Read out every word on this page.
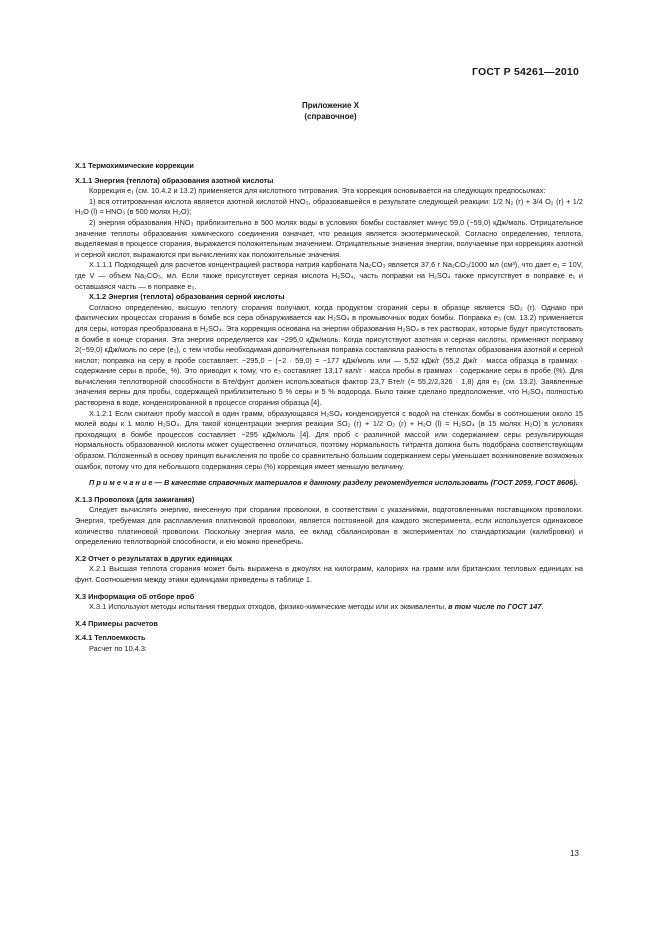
ГОСТ Р 54261—2010
Приложение Х
(справочное)

Х.1 Термохимические коррекции

Х.1.1 Энергия (теплота) образования азотной кислоты

Коррекция e₁ (см. 10.4.2 и 13.2) применяется для кислотного титрования. Эта коррекция основывается на следующих предпосылках:

1) вся оттитрованная кислота является азотной кислотой HNO₃, образовавшейся в результате следующей реакции: 1/2 N₂ (г) + 3/4 O₂ (г) + 1/2 H₂O (l) = HNO₃ (в 500 молях H₂O);

2) энергия образования HNO₃ приблизительно в 500 молях воды в условиях бомбы составляет минус 59,0 (−59,0) кДж/моль. Отрицательное значение теплоты образования химического соединения означает, что реакция является экзотермической. Согласно определению, теплота, выделяемая в процессе сгорания, выражается положительным значением. Отрицательные значения энергии, получаемые при коррекциях азотной и серной кислот, выражаются при вычислениях как положительные значения.

Х.1.1.1 Подходящей для расчетов концентрацией раствора натрия карбоната Na₂CO₃ является 37,6 г Na₂CO₃/1000 мл (см³), что дает e₁ = 10V, где V — объем Na₂CO₃, мл. Если также присутствует серная кислота H₂SO₄, часть поправки на H₂SO₄ также присутствует в поправке e₁ и оставшаяся часть — в поправке e₃.

Х.1.2 Энергия (теплота) образования серной кислоты

Согласно определению, высшую теплоту сгорания получают, когда продуктом сгорания серы в образце является SO₂ (г). Однако при фактических процессах сгорания в бомбе вся сера обнаруживается как H₂SO₄ в промывочных водах бомбы. Поправка e₃ (см. 13.2) применяется для серы, которая преобразована в H₂SO₄. Эта коррекция основана на энергии образования H₂SO₄ в тех растворах, которые будут присутствовать в бомбе в конце сгорания. Эта энергия определяется как −295,0 кДж/моль. Когда присутствуют азотная и серная кислоты, применяют поправку 2(−59,0) кДж/моль по сере (e₁), с тем чтобы необходимая дополнительная поправка составляла разность в теплотах образования азотной и серной кислот; поправка на серу в пробе составляет: −295,0 − (−2 · 59,0) = −177 кДж/моль или — 5,52 кДж/г (55,2 Дж/г · масса образца в граммах · содержание серы в пробе, %). Это приводит к тому, что e₃ составляет 13,17 кал/г · масса пробы в граммах · содержание серы в пробе (%). Для вычисления теплотворной способности в Бте/фунт должен использоваться фактор 23,7 Бте/г (= 55,2/2,326 · 1,8) для e₃ (см. 13.2). Заявленные значения верны для пробы, содержащей приблизительно 5 % серы и 5 % водорода. Было также сделано предположение, что H₂SO₄ полностью растворена в воде, конденсированной в процессе сгорания образца [4].

Х.1.2.1 Если сжигают пробу массой в один грамм, образующаяся H₂SO₄ конденсируется с водой на стенках бомбы в соотношении около 15 молей воды к 1 молю H₂SO₄. Для такой концентрации энергия реакции SO₂ (г) + 1/2 O₂ (г) + H₂O (l) = H₂SO₄ (в 15 молях H₂O) в условиях проходящих в бомбе процессов составляет −295 кДж/моль [4]. Для проб с различной массой или содержанием серы результирующая нормальность образованной кислоты может существенно отличаться, поэтому нормальность титранта должна быть подобрана соответствующим образом. Положенный в основу принцип вычисления по пробе со сравнительно большим содержанием серы уменьшает возникновение возможных ошибок, потому что для небольшого содержания серы (%) коррекция имеет меньшую величину.

П р и м е ч а н и е — В качестве справочных материалов к данному разделу рекомендуется использовать (ГОСТ 2059, ГОСТ 8606).

Х.1.3 Проволока (для зажигания)

Следует вычислять энергию, внесенную при сгорании проволоки, в соответствии с указаниями, подготовленными поставщиком проволоки. Энергия, требуемая для расплавления платиновой проволоки, является постоянной для каждого эксперимента, если используется одинаковое количество платиновой проволоки. Поскольку энергия мала, ее вклад сбалансирован в экспериментах по стандартизации (калибровки) и определению теплотворной способности, и ею можно пренебречь.

Х.2 Отчет о результатах в других единицах

Х.2.1 Высшая теплота сгорания может быть выражена в джоулях на килограмм, калориях на грамм или британских тепловых единицах на фунт. Соотношения между этими единицами приведены в таблице 1.

Х.3 Информация об отборе проб

Х.3.1 Используют методы испытания твердых отходов, физико-химические методы или их эквиваленты, в том числе по ГОСТ 147.

Х.4 Примеры расчетов

Х.4.1 Теплоемкость

Расчет по 10.4.3:

13
